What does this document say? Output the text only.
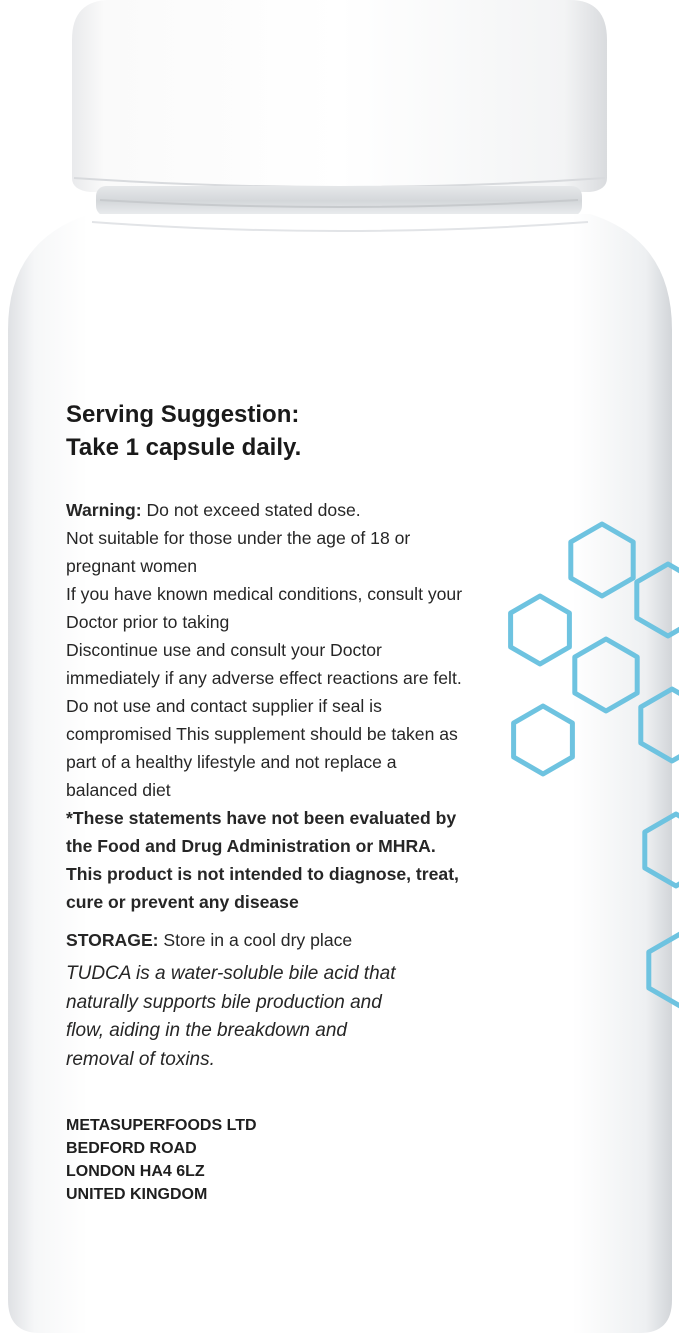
Serving Suggestion:
Take 1 capsule daily.
Warning: Do not exceed stated dose.
Not suitable for those under the age of 18 or
pregnant women
If you have known medical conditions, consult your
Doctor prior to taking
Discontinue use and consult your Doctor
immediately if any adverse effect reactions are felt.
Do not use and contact supplier if seal is
compromised This supplement should be taken as
part of a healthy lifestyle and not replace a
balanced diet
*These statements have not been evaluated by
the Food and Drug Administration or MHRA.
This product is not intended to diagnose, treat,
cure or prevent any disease
STORAGE: Store in a cool dry place
TUDCA is a water-soluble bile acid that
naturally supports bile production and
flow, aiding in the breakdown and
removal of toxins.
METASUPERFOODS LTD
BEDFORD ROAD
LONDON HA4 6LZ
UNITED KINGDOM
